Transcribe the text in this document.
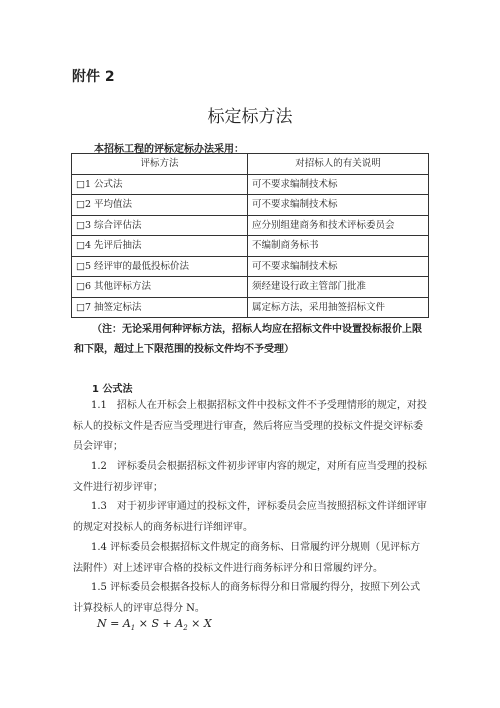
附件 2
标定标方法
本招标工程的评标定标办法采用：
评标方法	对招标人的有关说明
□1 公式法	可不要求编制技术标
□2 平均值法	可不要求编制技术标
□3 综合评估法	应分别组建商务和技术评标委员会
□4 先评后抽法	不编制商务标书
□5 经评审的最低投标价法	可不要求编制技术标
□6 其他评标方法	须经建设行政主管部门批准
□7 抽签定标法	属定标方法，采用抽签招标文件
（注：无论采用何种评标方法，招标人均应在招标文件中设置投标报价上限
和下限，超过上下限范围的投标文件均不予受理）
1 公式法
1.1　招标人在开标会上根据招标文件中投标文件不予受理情形的规定，对投
标人的投标文件是否应当受理进行审查，然后将应当受理的投标文件提交评标委
员会评审；
1.2　评标委员会根据招标文件初步评审内容的规定，对所有应当受理的投标
文件进行初步评审；
1.3　对于初步评审通过的投标文件，评标委员会应当按照招标文件详细评审
的规定对投标人的商务标进行详细评审。
1.4 评标委员会根据招标文件规定的商务标、日常履约评分规则（见评标方
法附件）对上述评审合格的投标文件进行商务标评分和日常履约评分。
1.5 评标委员会根据各投标人的商务标得分和日常履约得分，按照下列公式
计算投标人的评审总得分 N。
$N = A_1 \times S + A_2 \times X$
